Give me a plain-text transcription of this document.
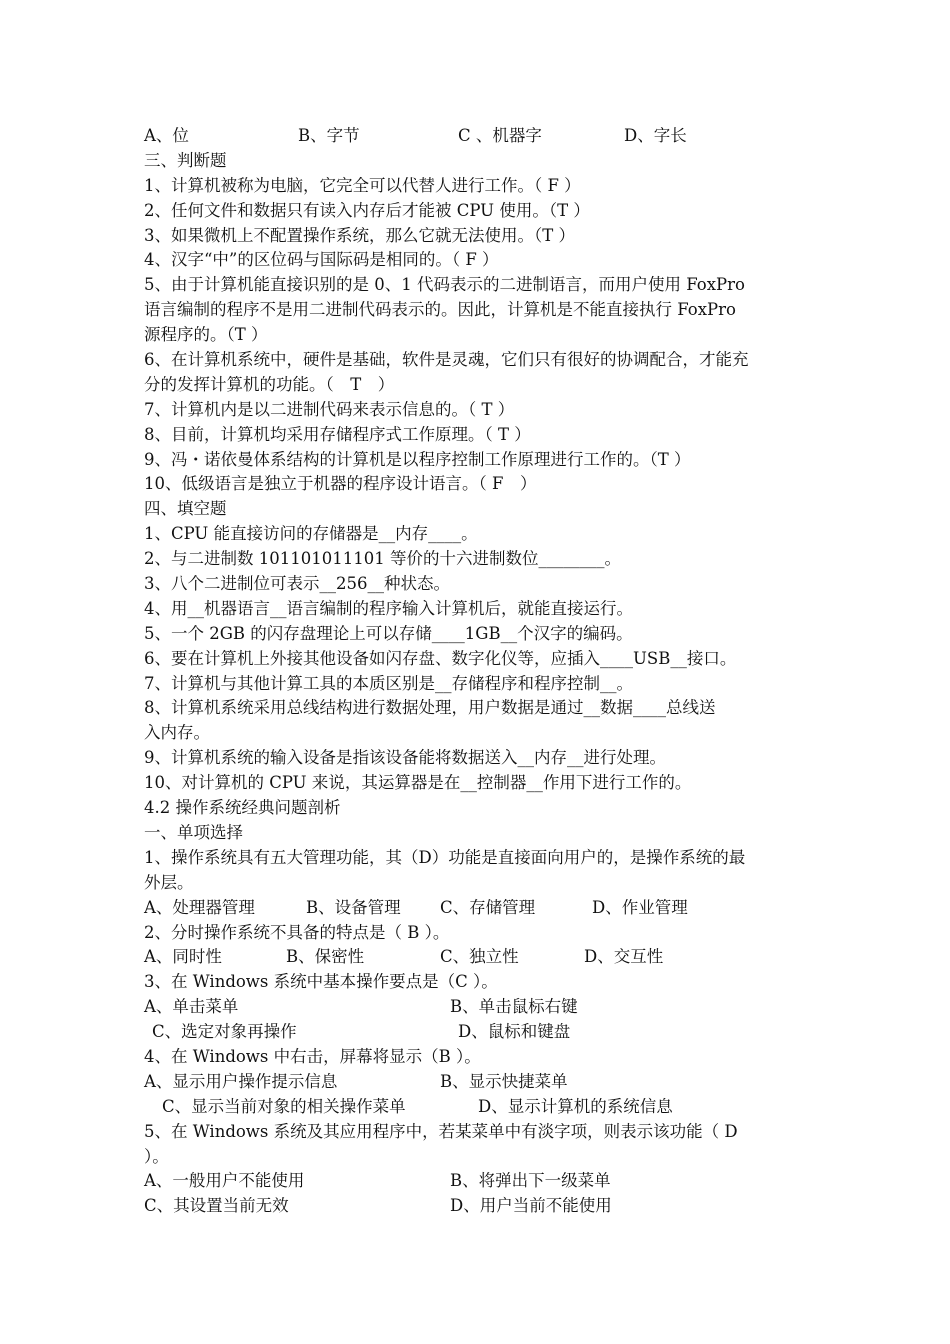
A、位	B、字节	C 、机器字	D、字长
三、判断题
1、计算机被称为电脑，它完全可以代替人进行工作。（ F ）
2、任何文件和数据只有读入内存后才能被 CPU 使用。（T ）
3、如果微机上不配置操作系统，那么它就无法使用。（T ）
4、汉字“中”的区位码与国际码是相同的。（ F ）
5、由于计算机能直接识别的是 0、1 代码表示的二进制语言，而用户使用 FoxPro
语言编制的程序不是用二进制代码表示的。因此，计算机是不能直接执行 FoxPro
源程序的。（T ）
6、在计算机系统中，硬件是基础，软件是灵魂，它们只有很好的协调配合，才能充
分的发挥计算机的功能。（　T　）
7、计算机内是以二进制代码来表示信息的。（ T ）
8、目前，计算机均采用存储程序式工作原理。（ T ）
9、冯・诺依曼体系结构的计算机是以程序控制工作原理进行工作的。（T ）
10、低级语言是独立于机器的程序设计语言。（ F　）
四、填空题
1、CPU 能直接访问的存储器是__内存____。
2、与二进制数 101101011101 等价的十六进制数位________。
3、八个二进制位可表示__256__种状态。
4、用__机器语言__语言编制的程序输入计算机后，就能直接运行。
5、一个 2GB 的闪存盘理论上可以存储____1GB__个汉字的编码。
6、要在计算机上外接其他设备如闪存盘、数字化仪等，应插入____USB__接口。
7、计算机与其他计算工具的本质区别是__存储程序和程序控制__。
8、计算机系统采用总线结构进行数据处理，用户数据是通过__数据____总线送
入内存。
9、计算机系统的输入设备是指该设备能将数据送入__内存__进行处理。
10、对计算机的 CPU 来说，其运算器是在__控制器__作用下进行工作的。
4.2 操作系统经典问题剖析
一、单项选择
1、操作系统具有五大管理功能，其（D）功能是直接面向用户的，是操作系统的最
外层。
A、处理器管理	B、设备管理 C、存储管理	D、作业管理
2、分时操作系统不具备的特点是（ B ）。
A、同时性	B、保密性	C、独立性	D、交互性
3、在 Windows 系统中基本操作要点是（C ）。
A、单击菜单	B、单击鼠标右键
C、选定对象再操作	D、鼠标和键盘
4、在 Windows 中右击，屏幕将显示（B ）。
A、显示用户操作提示信息	B、显示快捷菜单
C、显示当前对象的相关操作菜单	D、显示计算机的系统信息
5、在 Windows 系统及其应用程序中，若某菜单中有淡字项，则表示该功能（ D
）。
A、一般用户不能使用	B、将弹出下一级菜单
C、其设置当前无效	D、用户当前不能使用
